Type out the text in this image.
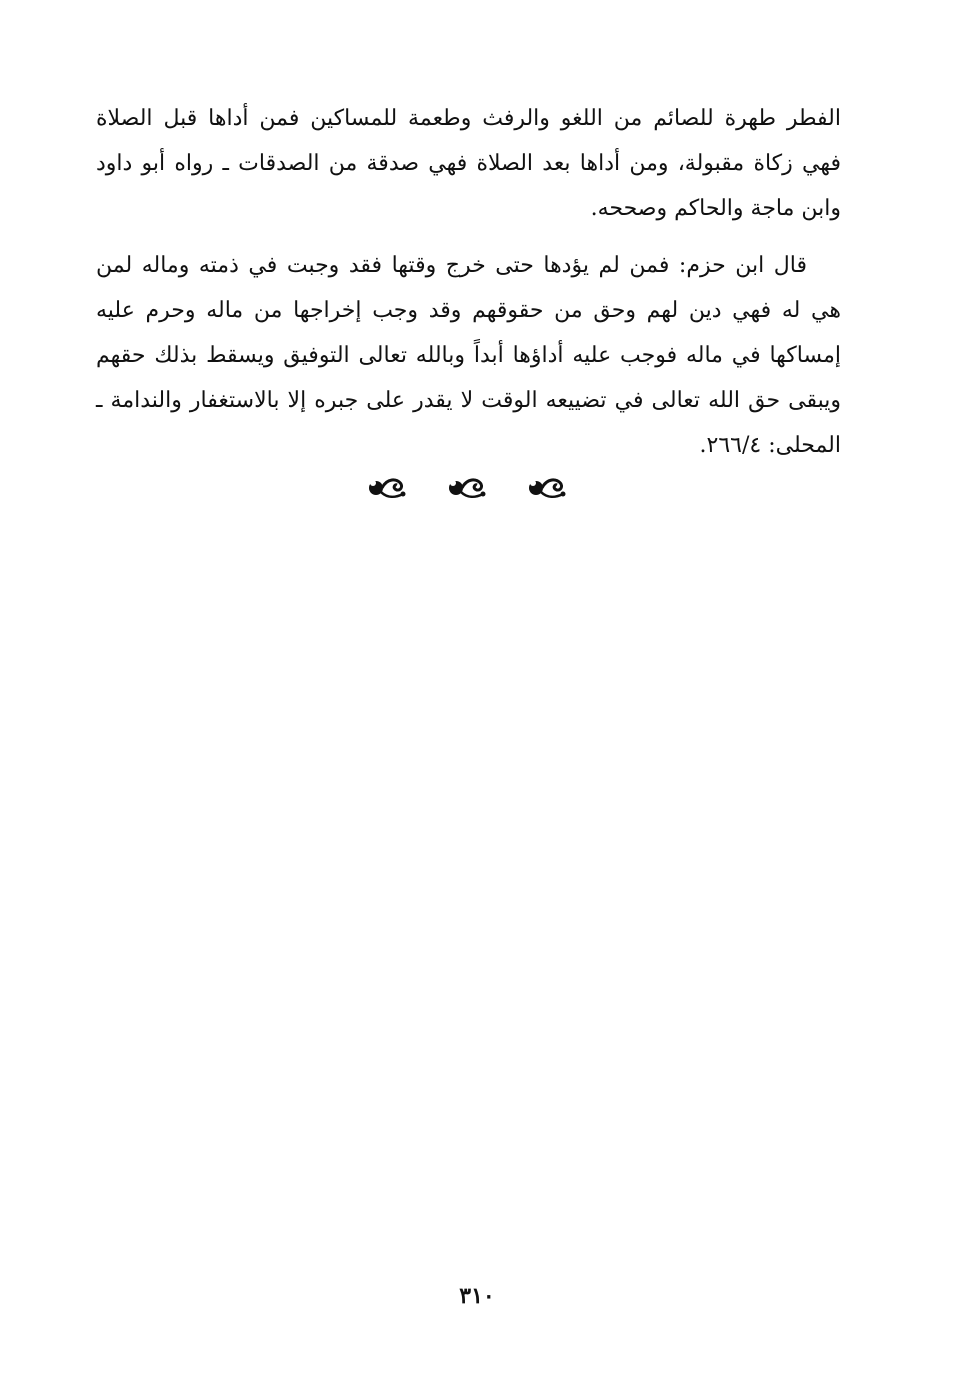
الفطر طهرة للصائم من اللغو والرفث وطعمة للمساكين فمن أداها قبل الصلاة فهي زكاة مقبولة، ومن أداها بعد الصلاة فهي صدقة من الصدقات ـ رواه أبو داود وابن ماجة والحاكم وصححه.

قال ابن حزم: فمن لم يؤدها حتى خرج وقتها فقد وجبت في ذمته وماله لمن هي له فهي دين لهم وحق من حقوقهم وقد وجب إخراجها من ماله وحرم عليه إمساكها في ماله فوجب عليه أداؤها أبداً وبالله تعالى التوفيق ويسقط بذلك حقهم ويبقى حق الله تعالى في تضييعه الوقت لا يقدر على جبره إلا بالاستغفار والندامة ـ المحلى: ٢٦٦/٤.

٣١٠
